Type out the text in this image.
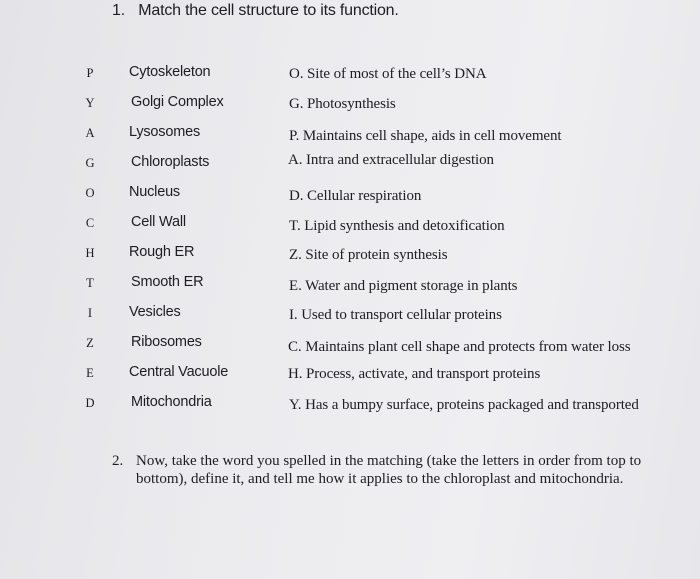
1. Match the cell structure to its function.
P	Cytoskeleton	O. Site of most of the cell’s DNA
Y	Golgi Complex	G. Photosynthesis
A	Lysosomes	P. Maintains cell shape, aids in cell movement
G	Chloroplasts	A. Intra and extracellular digestion
O	Nucleus	D. Cellular respiration
C	Cell Wall	T. Lipid synthesis and detoxification
H	Rough ER	Z. Site of protein synthesis
T	Smooth ER	E. Water and pigment storage in plants
I	Vesicles	I. Used to transport cellular proteins
Z	Ribosomes	C. Maintains plant cell shape and protects from water loss
E	Central Vacuole	H. Process, activate, and transport proteins
D	Mitochondria	Y. Has a bumpy surface, proteins packaged and transported
2. Now, take the word you spelled in the matching (take the letters in order from top to bottom), define it, and tell me how it applies to the chloroplast and mitochondria.
